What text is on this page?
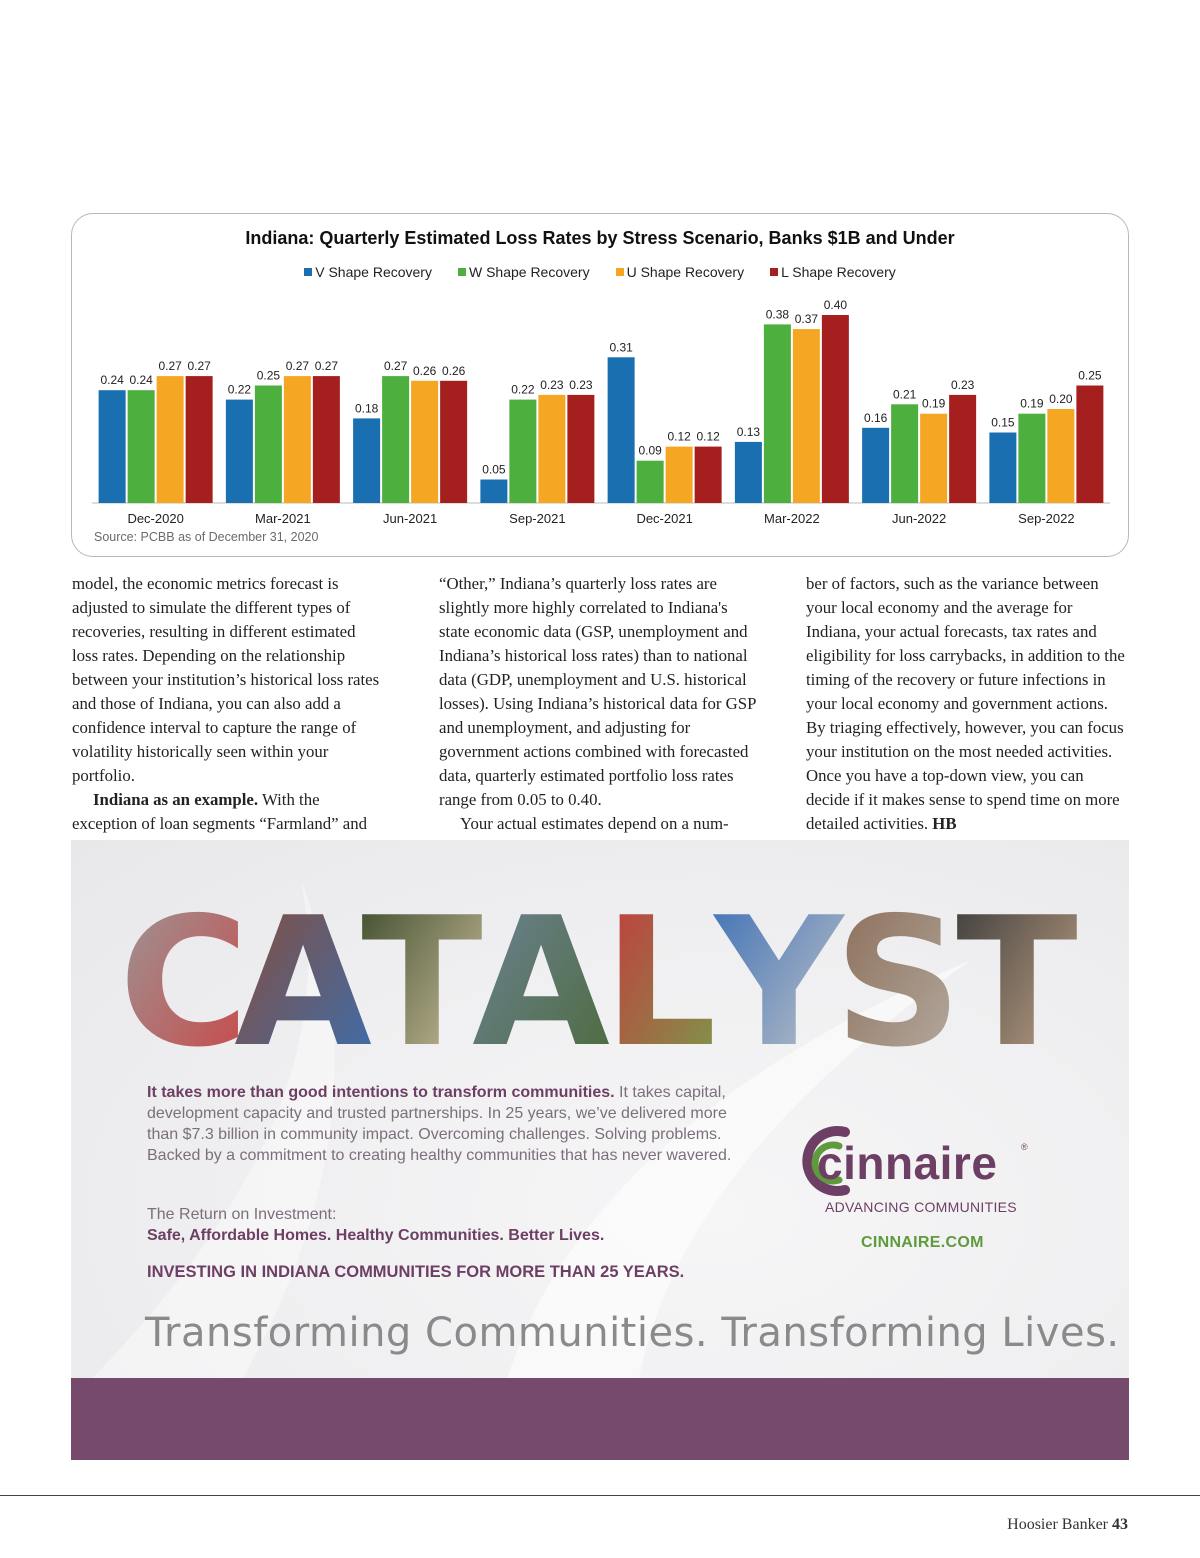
Indiana: Quarterly Estimated Loss Rates by Stress Scenario, Banks $1B and Under
V Shape Recovery	W Shape Recovery	U Shape Recovery	L Shape Recovery
0.24 0.24
0.27 0.27
Dec-2020
0.22
0.25
0.27 0.27
Mar-2021
0.18
0.27 0.26 0.26
Jun-2021
0.05
0.22 0.23 0.23
Sep-2021
0.31
0.09
0.12 0.12
Dec-2021
0.13
0.38 0.37
0.40
Mar-2022
0.16
0.21
0.19
0.23
Jun-2022
0.15
0.19 0.20
0.25
Sep-2022
Source: PCBB as of December 31, 2020

model, the economic metrics forecast is adjusted to simulate the different types of recoveries, resulting in different estimated loss rates. Depending on the relationship between your institution’s historical loss rates and those of Indiana, you can also add a confidence interval to capture the range of volatility historically seen within your portfolio.

Indiana as an example. With the exception of loan segments “Farmland” and

“Other,” Indiana’s quarterly loss rates are slightly more highly correlated to Indiana's state economic data (GSP, unemployment and Indiana’s historical loss rates) than to national data (GDP, unemployment and U.S. historical losses). Using Indiana’s historical data for GSP and unemployment, and adjusting for government actions combined with forecasted data, quarterly estimated portfolio loss rates range from 0.05 to 0.40.

Your actual estimates depend on a num-

ber of factors, such as the variance between your local economy and the average for Indiana, your actual forecasts, tax rates and eligibility for loss carrybacks, in addition to the timing of the recovery or future infections in your local economy and government actions. By triaging effectively, however, you can focus your institution on the most needed activities. Once you have a top-down view, you can decide if it makes sense to spend time on more detailed activities. HB

C
A
T
A
L
Y
S
T
It takes more than good intentions to transform communities. It takes capital, development capacity and trusted partnerships. In 25 years, we’ve delivered more than $7.3 billion in community impact. Overcoming challenges. Solving problems. Backed by a commitment to creating healthy communities that has never wavered.
The Return on Investment:
Safe, Affordable Homes. Healthy Communities. Better Lives.
INVESTING IN INDIANA COMMUNITIES FOR MORE THAN 25 YEARS.
cinnaire	®
ADVANCING COMMUNITIES
CINNAIRE.COM
Transforming Communities. Transforming Lives.
Hoosier Banker 43
